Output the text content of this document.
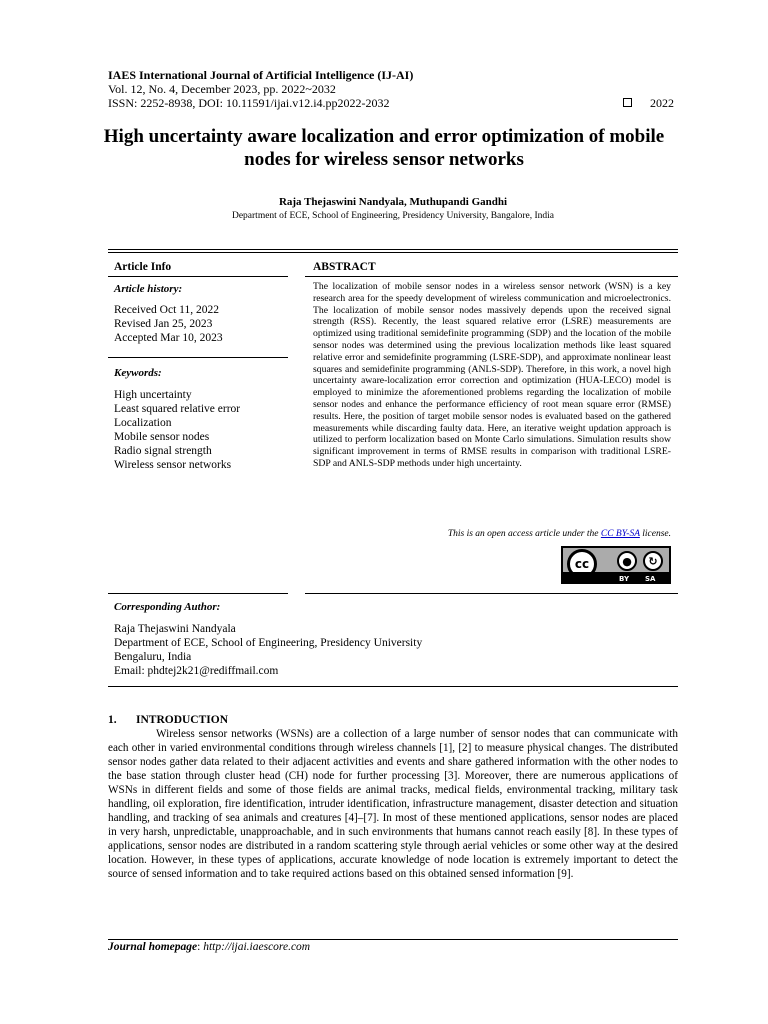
IAES International Journal of Artificial Intelligence (IJ-AI)
Vol. 12, No. 4, December 2023, pp. 2022~2032
ISSN: 2252-8938, DOI: 10.11591/ijai.v12.i4.pp2022-2032	2022
High uncertainty aware localization and error optimization of mobile nodes for wireless sensor networks
Raja Thejaswini Nandyala, Muthupandi Gandhi
Department of ECE, School of Engineering, Presidency University, Bangalore, India
Article Info
Article history:
Received Oct 11, 2022
Revised Jan 25, 2023
Accepted Mar 10, 2023
Keywords:
High uncertainty
Least squared relative error
Localization
Mobile sensor nodes
Radio signal strength
Wireless sensor networks
ABSTRACT
The localization of mobile sensor nodes in a wireless sensor network (WSN) is a key research area for the speedy development of wireless communication and microelectronics. The localization of mobile sensor nodes massively depends upon the received signal strength (RSS). Recently, the least squared relative error (LSRE) measurements are optimized using traditional semidefinite programming (SDP) and the location of the mobile sensor nodes was determined using the previous localization methods like least squared relative error and semidefinite programming (LSRE-SDP), and approximate nonlinear least squares and semidefinite programming (ANLS-SDP). Therefore, in this work, a novel high uncertainty aware-localization error correction and optimization (HUA-LECO) model is employed to minimize the aforementioned problems regarding the localization of mobile sensor nodes and enhance the performance efficiency of root mean square error (RMSE) results. Here, the position of target mobile sensor nodes is evaluated based on the gathered measurements while discarding faulty data. Here, an iterative weight updation approach is utilized to perform localization based on Monte Carlo simulations. Simulation results show significant improvement in terms of RMSE results in comparison with traditional LSRE-SDP and ANLS-SDP methods under high uncertainty.
This is an open access article under the CC BY-SA license.
cc	●	↻
BY SA
Corresponding Author:
Raja Thejaswini Nandyala
Department of ECE, School of Engineering, Presidency University
Bengaluru, India
Email: phdtej2k21@rediffmail.com
1. INTRODUCTION
Wireless sensor networks (WSNs) are a collection of a large number of sensor nodes that can communicate with each other in varied environmental conditions through wireless channels [1], [2] to measure physical changes. The distributed sensor nodes gather data related to their adjacent activities and events and share gathered information with the other nodes to the base station through cluster head (CH) node for further processing [3]. Moreover, there are numerous applications of WSNs in different fields and some of those fields are animal tracks, medical fields, environmental tracking, military task handling, oil exploration, fire identification, intruder identification, infrastructure management, disaster detection and situation handling, and tracking of sea animals and creatures [4]–[7]. In most of these mentioned applications, sensor nodes are placed in very harsh, unpredictable, unapproachable, and in such environments that humans cannot reach easily [8]. In these types of applications, sensor nodes are distributed in a random scattering style through aerial vehicles or some other way at the desired location. However, in these types of applications, accurate knowledge of node location is extremely important to detect the source of sensed information and to take required actions based on this obtained sensed information [9].
Journal homepage: http://ijai.iaescore.com
